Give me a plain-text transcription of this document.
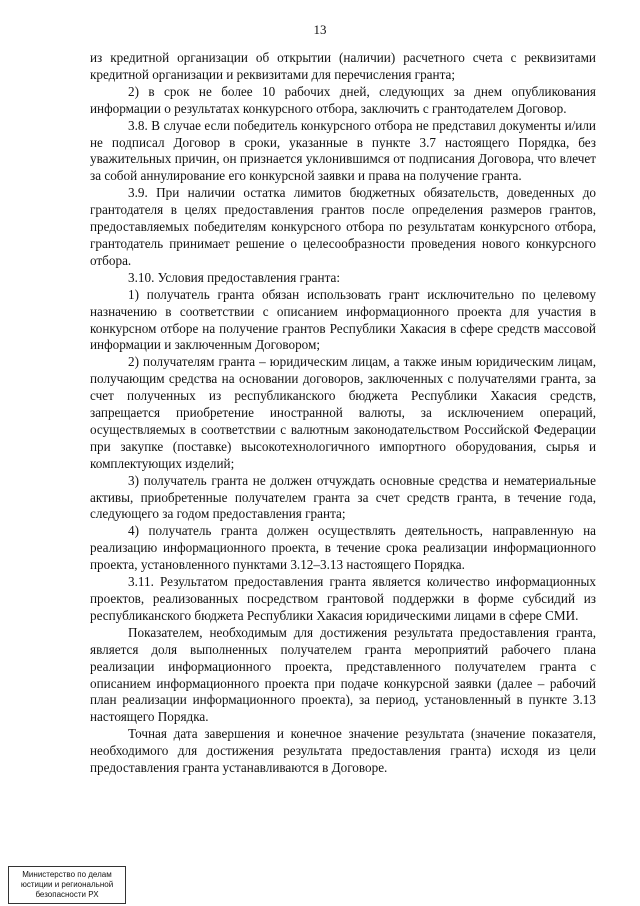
13

из кредитной организации об открытии (наличии) расчетного счета с реквизитами кредитной организации и реквизитами для перечисления гранта;

2) в срок не более 10 рабочих дней, следующих за днем опубликования информации о результатах конкурсного отбора, заключить с грантодателем Договор.

3.8. В случае если победитель конкурсного отбора не представил документы и/или не подписал Договор в сроки, указанные в пункте 3.7 настоящего Порядка, без уважительных причин, он признается уклонившимся от подписания Договора, что влечет за собой аннулирование его конкурсной заявки и права на получение гранта.

3.9. При наличии остатка лимитов бюджетных обязательств, доведенных до грантодателя в целях предоставления грантов после определения размеров грантов, предоставляемых победителям конкурсного отбора по результатам конкурсного отбора, грантодатель принимает решение о целесообразности проведения нового конкурсного отбора.

3.10. Условия предоставления гранта:

1) получатель гранта обязан использовать грант исключительно по целевому назначению в соответствии с описанием информационного проекта для участия в конкурсном отборе на получение грантов Республики Хакасия в сфере средств массовой информации и заключенным Договором;

2) получателям гранта – юридическим лицам, а также иным юридическим лицам, получающим средства на основании договоров, заключенных с получателями гранта, за счет полученных из республиканского бюджета Республики Хакасия средств, запрещается приобретение иностранной валюты, за исключением операций, осуществляемых в соответствии с валютным законодательством Российской Федерации при закупке (поставке) высокотехнологичного импортного оборудования, сырья и комплектующих изделий;

3) получатель гранта не должен отчуждать основные средства и нематериальные активы, приобретенные получателем гранта за счет средств гранта, в течение года, следующего за годом предоставления гранта;

4) получатель гранта должен осуществлять деятельность, направленную на реализацию информационного проекта, в течение срока реализации информационного проекта, установленного пунктами 3.12–3.13 настоящего Порядка.

3.11. Результатом предоставления гранта является количество информационных проектов, реализованных посредством грантовой поддержки в форме субсидий из республиканского бюджета Республики Хакасия юридическими лицами в сфере СМИ.

Показателем, необходимым для достижения результата предоставления гранта, является доля выполненных получателем гранта мероприятий рабочего плана реализации информационного проекта, представленного получателем гранта с описанием информационного проекта при подаче конкурсной заявки (далее – рабочий план реализации информационного проекта), за период, установленный в пункте 3.13 настоящего Порядка.

Точная дата завершения и конечное значение результата (значение показателя, необходимого для достижения результата предоставления гранта) исходя из цели предоставления гранта устанавливаются в Договоре.

Министерство по делам
юстиции и региональной
безопасности РХ
